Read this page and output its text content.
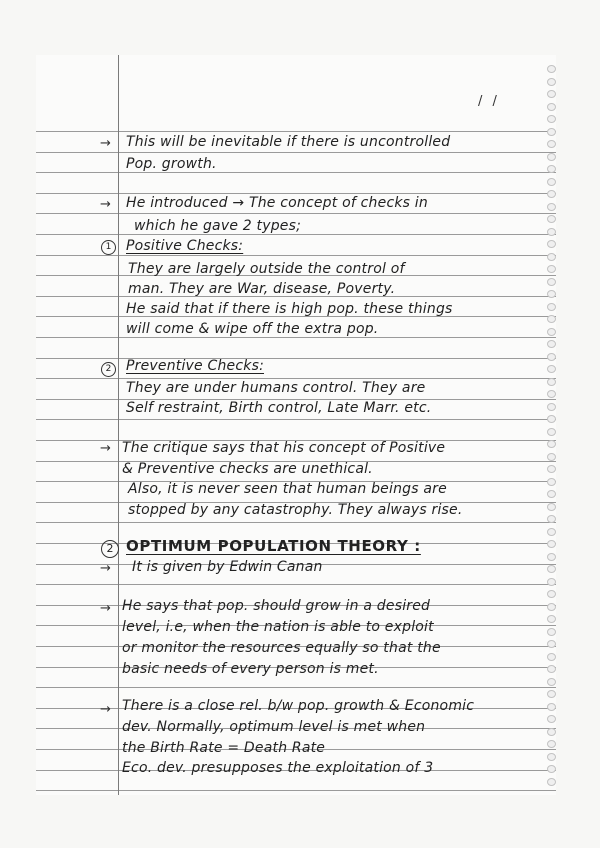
/ /
→ This will be inevitable if there is uncontrolled
Pop. growth.
→ He introduced → The concept of checks in
which he gave 2 types;
1	Positive Checks:
They are largely outside the control of
man. They are War, disease, Poverty.
He said that if there is high pop. these things
will come & wipe off the extra pop.
2	Preventive Checks:
They are under humans control. They are
Self restraint, Birth control, Late Marr. etc.
→ The critique says that his concept of Positive
& Preventive checks are unethical.
Also, it is never seen that human beings are
stopped by any catastrophy. They always rise.
2 OPTIMUM POPULATION THEORY :
→ It is given by Edwin Canan
→ He says that pop. should grow in a desired
level, i.e, when the nation is able to exploit
or monitor the resources equally so that the
basic needs of every person is met.
→ There is a close rel. b/w pop. growth & Economic
dev. Normally, optimum level is met when
the Birth Rate = Death Rate
Eco. dev. presupposes the exploitation of 3
